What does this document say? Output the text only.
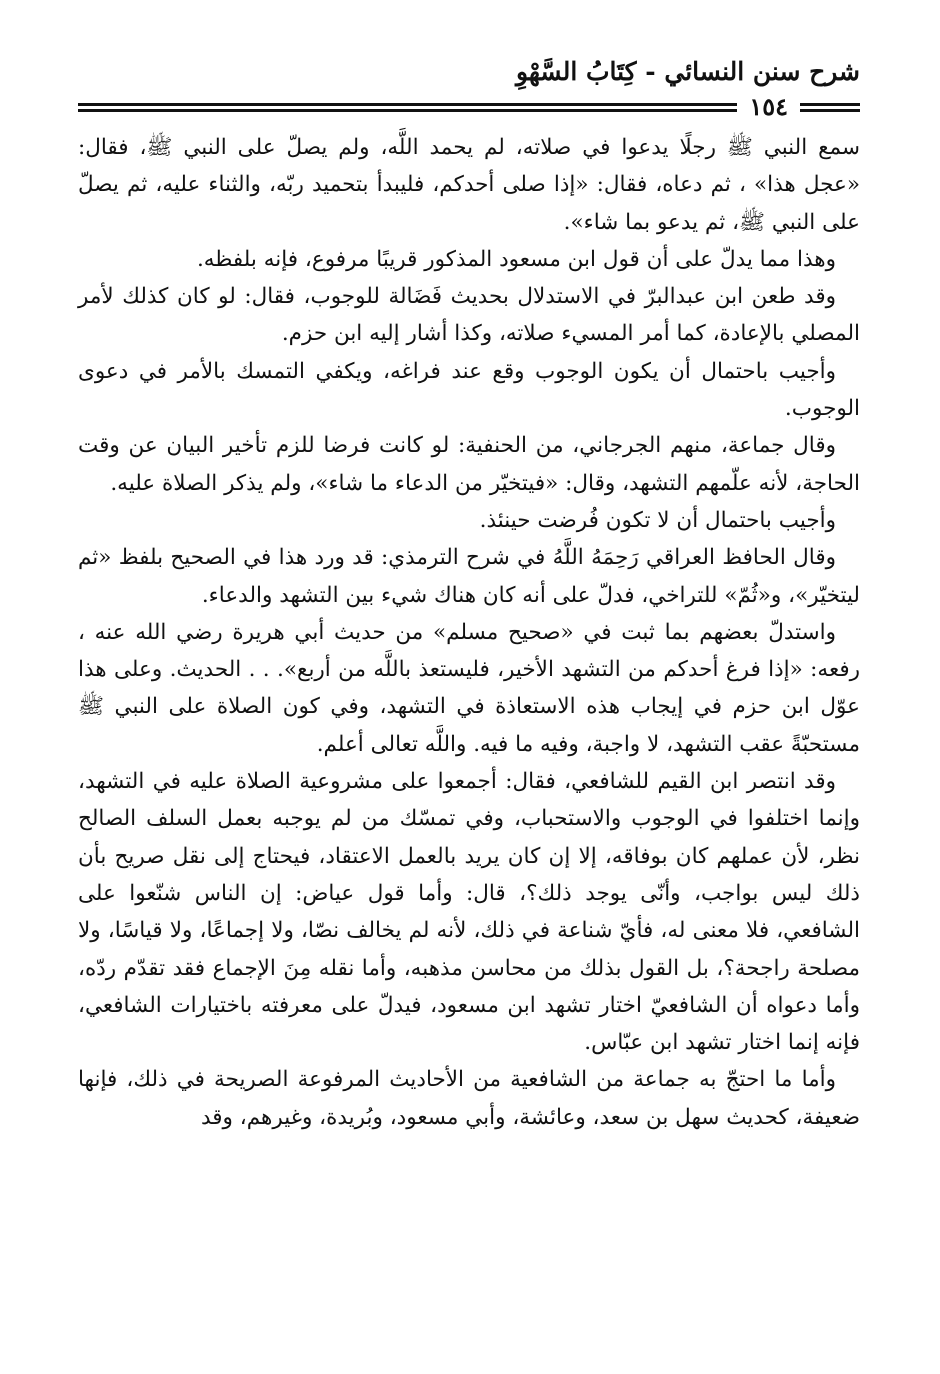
شرح سنن النسائي - كِتَابُ السَّهْوِ
١٥٤

سمع النبي ﷺ رجلًا يدعوا في صلاته، لم يحمد اللَّه، ولم يصلّ على النبي ﷺ، فقال: «عجل هذا» ، ثم دعاه، فقال: «إذا صلى أحدكم، فليبدأ بتحميد ربّه، والثناء عليه، ثم يصلّ على النبي ﷺ، ثم يدعو بما شاء».

وهذا مما يدلّ على أن قول ابن مسعود المذكور قريبًا مرفوع، فإنه بلفظه.

وقد طعن ابن عبدالبرّ في الاستدلال بحديث فَضَالة للوجوب، فقال: لو كان كذلك لأمر المصلي بالإعادة، كما أمر المسيء صلاته، وكذا أشار إليه ابن حزم.

وأجيب باحتمال أن يكون الوجوب وقع عند فراغه، ويكفي التمسك بالأمر في دعوى الوجوب.

وقال جماعة، منهم الجرجاني، من الحنفية: لو كانت فرضا للزم تأخير البيان عن وقت الحاجة، لأنه علّمهم التشهد، وقال: «فيتخيّر من الدعاء ما شاء»، ولم يذكر الصلاة عليه.

وأجيب باحتمال أن لا تكون فُرضت حينئذ.

وقال الحافظ العراقي رَحِمَهُ اللَّهُ في شرح الترمذي: قد ورد هذا في الصحيح بلفظ «ثم ليتخيّر»، و«ثُمّ» للتراخي، فدلّ على أنه كان هناك شيء بين التشهد والدعاء.

واستدلّ بعضهم بما ثبت في «صحيح مسلم» من حديث أبي هريرة رضي الله عنه ، رفعه: «إذا فرغ أحدكم من التشهد الأخير، فليستعذ باللَّه من أربع». . . الحديث. وعلى هذا عوّل ابن حزم في إيجاب هذه الاستعاذة في التشهد، وفي كون الصلاة على النبي ﷺ مستحبّةً عقب التشهد، لا واجبة، وفيه ما فيه. واللَّه تعالى أعلم.

وقد انتصر ابن القيم للشافعي، فقال: أجمعوا على مشروعية الصلاة عليه في التشهد، وإنما اختلفوا في الوجوب والاستحباب، وفي تمسّك من لم يوجبه بعمل السلف الصالح نظر، لأن عملهم كان بوفاقه، إلا إن كان يريد بالعمل الاعتقاد، فيحتاج إلى نقل صريح بأن ذلك ليس بواجب، وأنّى يوجد ذلك؟، قال: وأما قول عياض: إن الناس شنّعوا على الشافعي، فلا معنى له، فأيّ شناعة في ذلك، لأنه لم يخالف نصّا، ولا إجماعًا، ولا قياسًا، ولا مصلحة راجحة؟، بل القول بذلك من محاسن مذهبه، وأما نقله مِنَ الإجماع فقد تقدّم ردّه، وأما دعواه أن الشافعيّ اختار تشهد ابن مسعود، فيدلّ على معرفته باختيارات الشافعي، فإنه إنما اختار تشهد ابن عبّاس.

وأما ما احتجّ به جماعة من الشافعية من الأحاديث المرفوعة الصريحة في ذلك، فإنها ضعيفة، كحديث سهل بن سعد، وعائشة، وأبي مسعود، وبُريدة، وغيرهم، وقد
